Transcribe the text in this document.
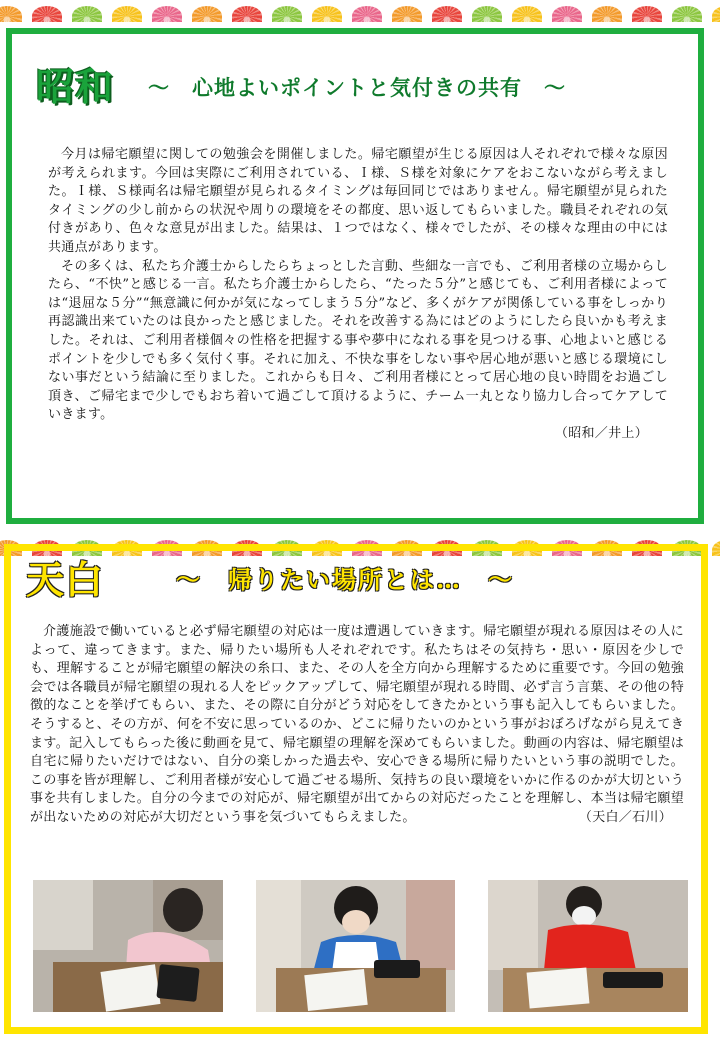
昭和 ～　心地よいポイントと気付きの共有　～

今月は帰宅願望に関しての勉強会を開催しました。帰宅願望が生じる原因は人それぞれで様々な原因が考えられます。今回は実際にご利用されている、Ｉ様、Ｓ様を対象にケアをおこないながら考えました。Ｉ様、Ｓ様両名は帰宅願望が見られるタイミングは毎回同じではありません。帰宅願望が見られたタイミングの少し前からの状況や周りの環境をその都度、思い返してもらいました。職員それぞれの気付きがあり、色々な意見が出ました。結果は、１つではなく、様々でしたが、その様々な理由の中には共通点があります。

その多くは、私たち介護士からしたらちょっとした言動、些細な一言でも、ご利用者様の立場からしたら、“不快”と感じる一言。私たち介護士からしたら、“たった５分”と感じても、ご利用者様によっては“退屈な５分”“無意識に何かが気になってしまう５分”など、多くがケアが関係している事をしっかり再認識出来ていたのは良かったと感じました。それを改善する為にはどのようにしたら良いかも考えました。それは、ご利用者様個々の性格を把握する事や夢中になれる事を見つける事、心地よいと感じるポイントを少しでも多く気付く事。それに加え、不快な事をしない事や居心地が悪いと感じる環境にしない事だという結論に至りました。これからも日々、ご利用者様にとって居心地の良い時間をお過ごし頂き、ご帰宅まで少しでもおち着いて過ごして頂けるように、チーム一丸となり協力し合ってケアしていきます。

（昭和／井上）
天白	～　帰りたい場所とは…　～

介護施設で働いていると必ず帰宅願望の対応は一度は遭遇していきます。帰宅願望が現れる原因はその人によって、違ってきます。また、帰りたい場所も人それぞれです。私たちはその気持ち・思い・原因を少しでも、理解することが帰宅願望の解決の糸口、また、その人を全方向から理解するために重要です。今回の勉強会では各職員が帰宅願望の現れる人をピックアップして、帰宅願望が現れる時間、必ず言う言葉、その他の特徴的なことを挙げてもらい、また、その際に自分がどう対応をしてきたかという事も記入してもらいました。そうすると、その方が、何を不安に思っているのか、どこに帰りたいのかという事がおぼろげながら見えてきます。記入してもらった後に動画を見て、帰宅願望の理解を深めてもらいました。動画の内容は、帰宅願望は自宅に帰りたいだけではない、自分の楽しかった過去や、安心できる場所に帰りたいという事の説明でした。この事を皆が理解し、ご利用者様が安心して過ごせる場所、気持ちの良い環境をいかに作るのかが大切という事を共有しました。自分の今までの対応が、帰宅願望が出てからの対応だったことを理解し、本当は帰宅願望が出ないための対応が大切だという事を気づいてもらえました。	（天白／石川）
